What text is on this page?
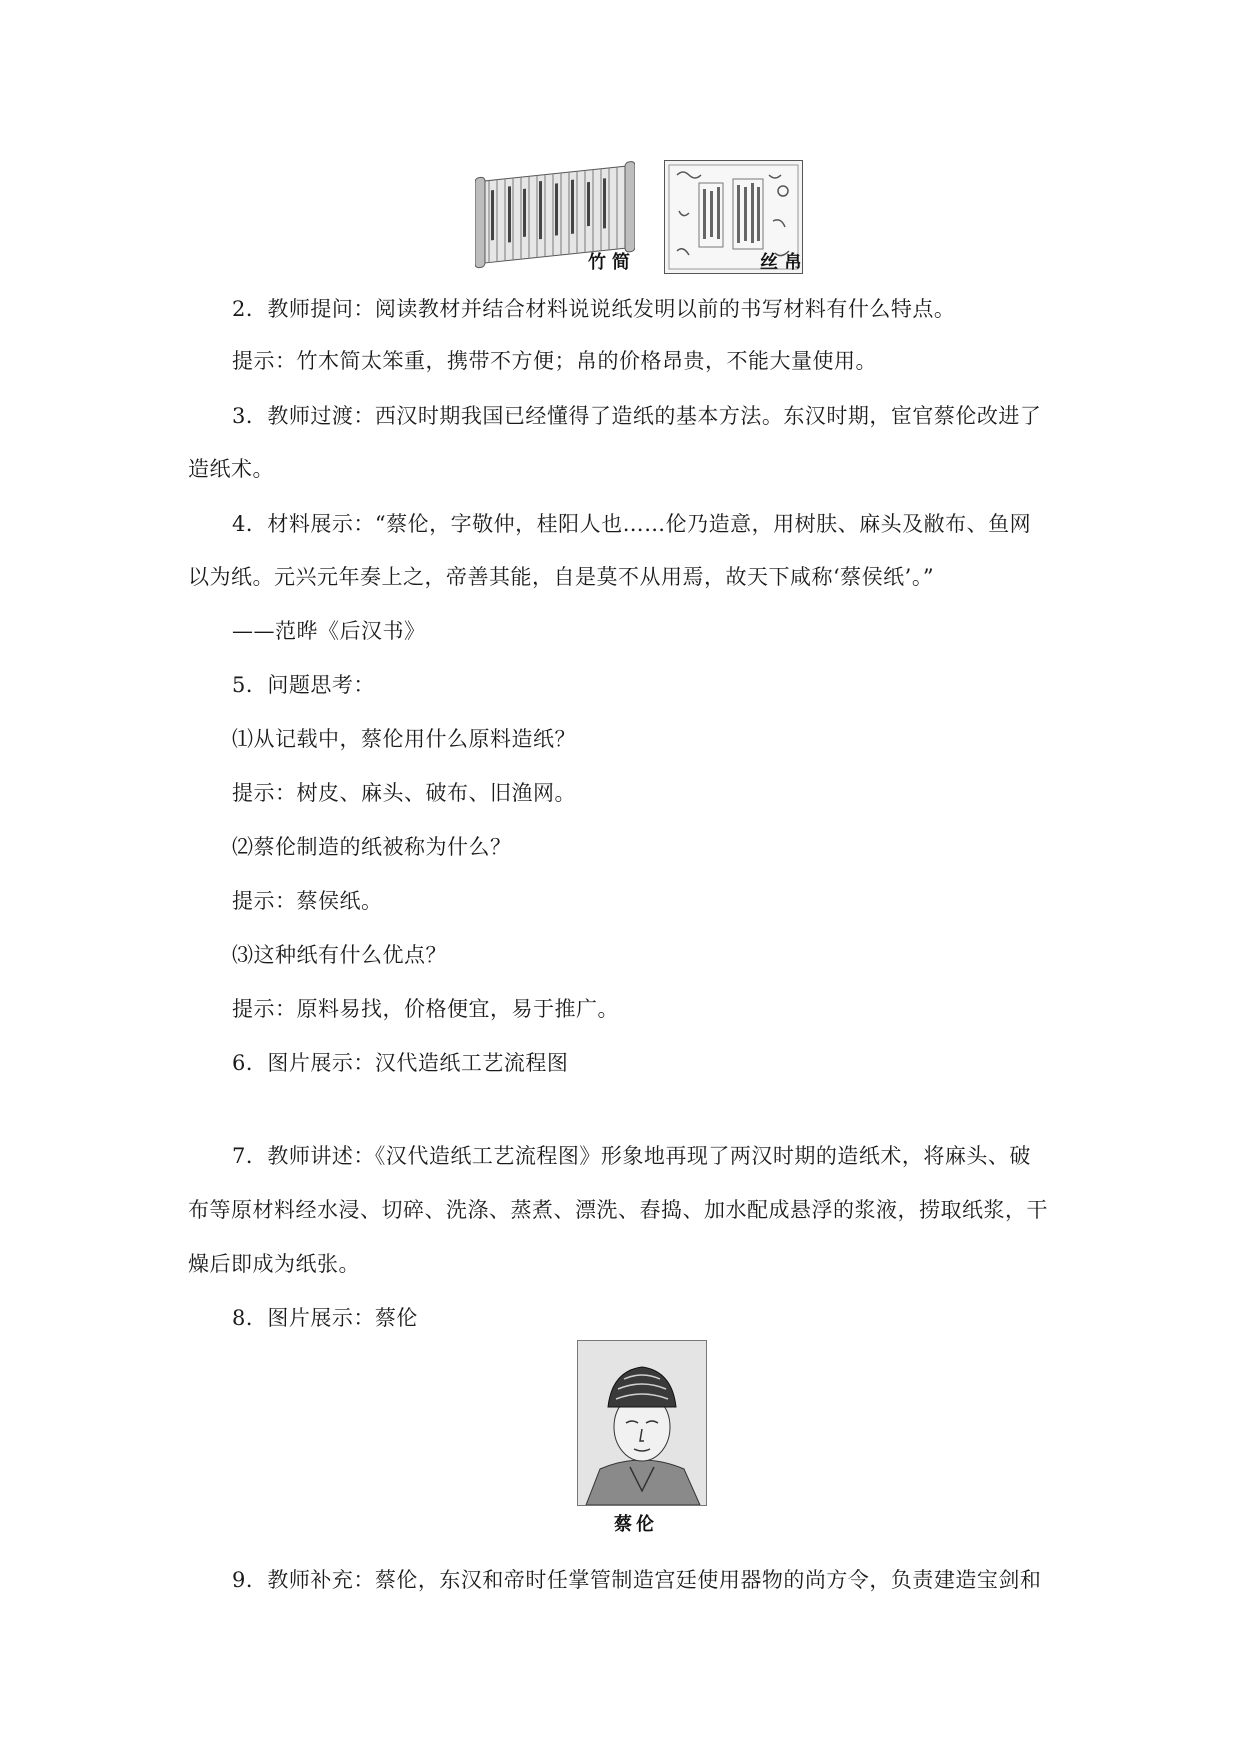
竹简	丝帛
2．教师提问：阅读教材并结合材料说说纸发明以前的书写材料有什么特点。
提示：竹木简太笨重，携带不方便；帛的价格昂贵，不能大量使用。
3．教师过渡：西汉时期我国已经懂得了造纸的基本方法。东汉时期，宦官蔡伦改进了
造纸术。
4．材料展示：“蔡伦，字敬仲，桂阳人也……伦乃造意，用树肤、麻头及敝布、鱼网
以为纸。元兴元年奏上之，帝善其能，自是莫不从用焉，故天下咸称‘蔡侯纸’。”
——范晔《后汉书》
5．问题思考：
⑴从记载中，蔡伦用什么原料造纸？
提示：树皮、麻头、破布、旧渔网。
⑵蔡伦制造的纸被称为什么？
提示：蔡侯纸。
⑶这种纸有什么优点？
提示：原料易找，价格便宜，易于推广。
6．图片展示：汉代造纸工艺流程图
7．教师讲述：《汉代造纸工艺流程图》形象地再现了两汉时期的造纸术，将麻头、破
布等原材料经水浸、切碎、洗涤、蒸煮、漂洗、舂捣、加水配成悬浮的浆液，捞取纸浆，干
燥后即成为纸张。
8．图片展示：蔡伦
蔡伦
9．教师补充：蔡伦，东汉和帝时任掌管制造宫廷使用器物的尚方令，负责建造宝剑和
